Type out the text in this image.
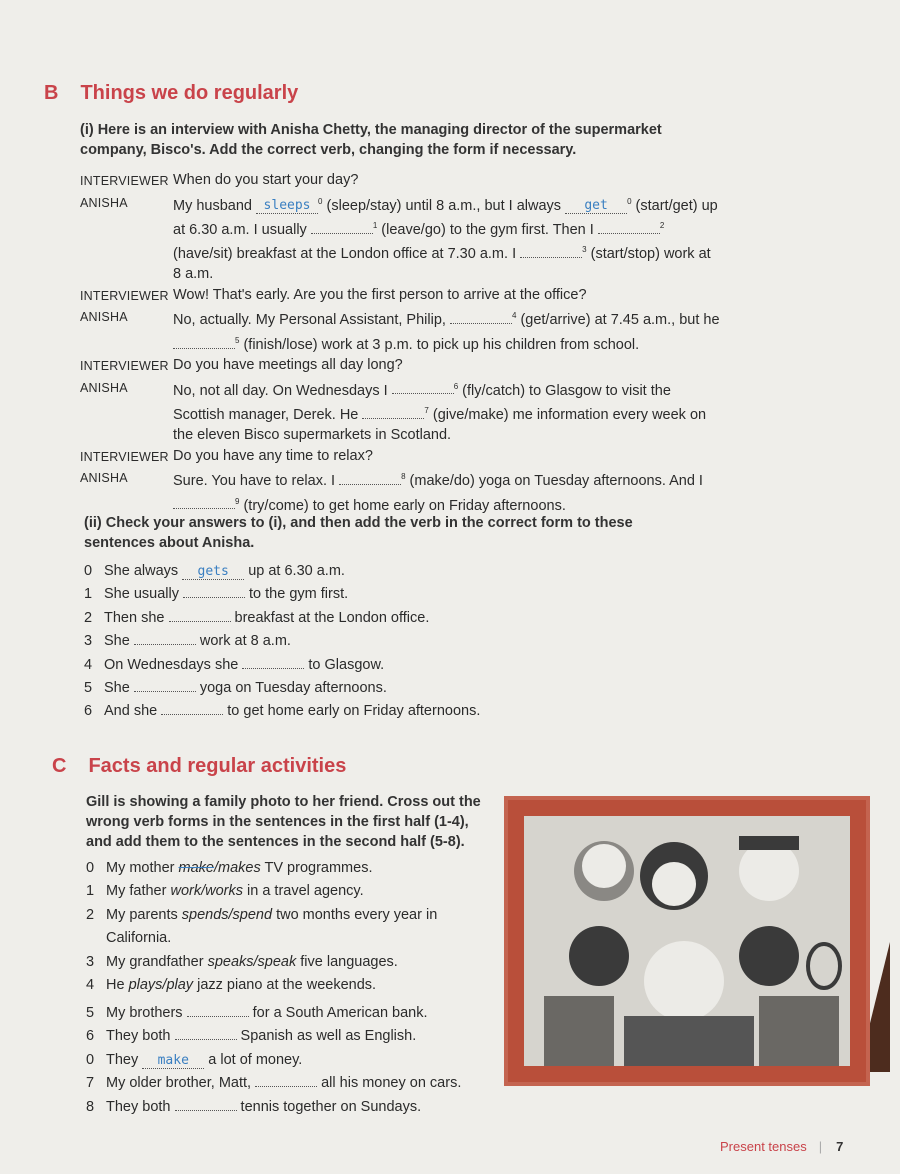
B Things we do regularly
(i) Here is an interview with Anisha Chetty, the managing director of the supermarket company, Bisco's. Add the correct verb, changing the form if necessary.
INTERVIEWER When do you start your day?
ANISHA	My husband sleeps $^0$ (sleep/stay) until 8 a.m., but I always get $^0$ (start/get) up at 6.30 a.m. I usually	$^1$ (leave/go) to the gym first. Then I	$^2$ (have/sit) breakfast at the London office at 7.30 a.m. I	$^3$ (start/stop) work at 8 a.m.
INTERVIEWER Wow! That's early. Are you the first person to arrive at the office?
ANISHA	No, actually. My Personal Assistant, Philip,	$^4$ (get/arrive) at 7.45 a.m., but he $^5$ (finish/lose) work at 3 p.m. to pick up his children from school.
INTERVIEWER Do you have meetings all day long?
ANISHA	No, not all day. On Wednesdays I	$^6$ (fly/catch) to Glasgow to visit the Scottish manager, Derek. He	$^7$ (give/make) me information every week on the eleven Bisco supermarkets in Scotland.
INTERVIEWER Do you have any time to relax?
ANISHA	Sure. You have to relax. I	$^8$ (make/do) yoga on Tuesday afternoons. And I $^9$ (try/come) to get home early on Friday afternoons.
(ii) Check your answers to (i), and then add the verb in the correct form to these sentences about Anisha.
0 She always gets up at 6.30 a.m.
1 She usually	to the gym first.
2 Then she	breakfast at the London office.
3 She	work at 8 a.m.
4 On Wednesdays she	to Glasgow.
5 She	yoga on Tuesday afternoons.
6 And she	to get home early on Friday afternoons.
C Facts and regular activities
Gill is showing a family photo to her friend. Cross out the wrong verb forms in the sentences in the first half (1-4), and add them to the sentences in the second half (5-8).
0 My mother make/makes TV programmes.
1 My father work/works in a travel agency.
2 My parents spends/spend two months every year in California.
3 My grandfather speaks/speak five languages.
4 He plays/play jazz piano at the weekends.
5 My brothers	for a South American bank.
6 They both	Spanish as well as English.
0 They make a lot of money.
7 My older brother, Matt,	all his money on cars.
8 They both	tennis together on Sundays.
Present tenses | 7
